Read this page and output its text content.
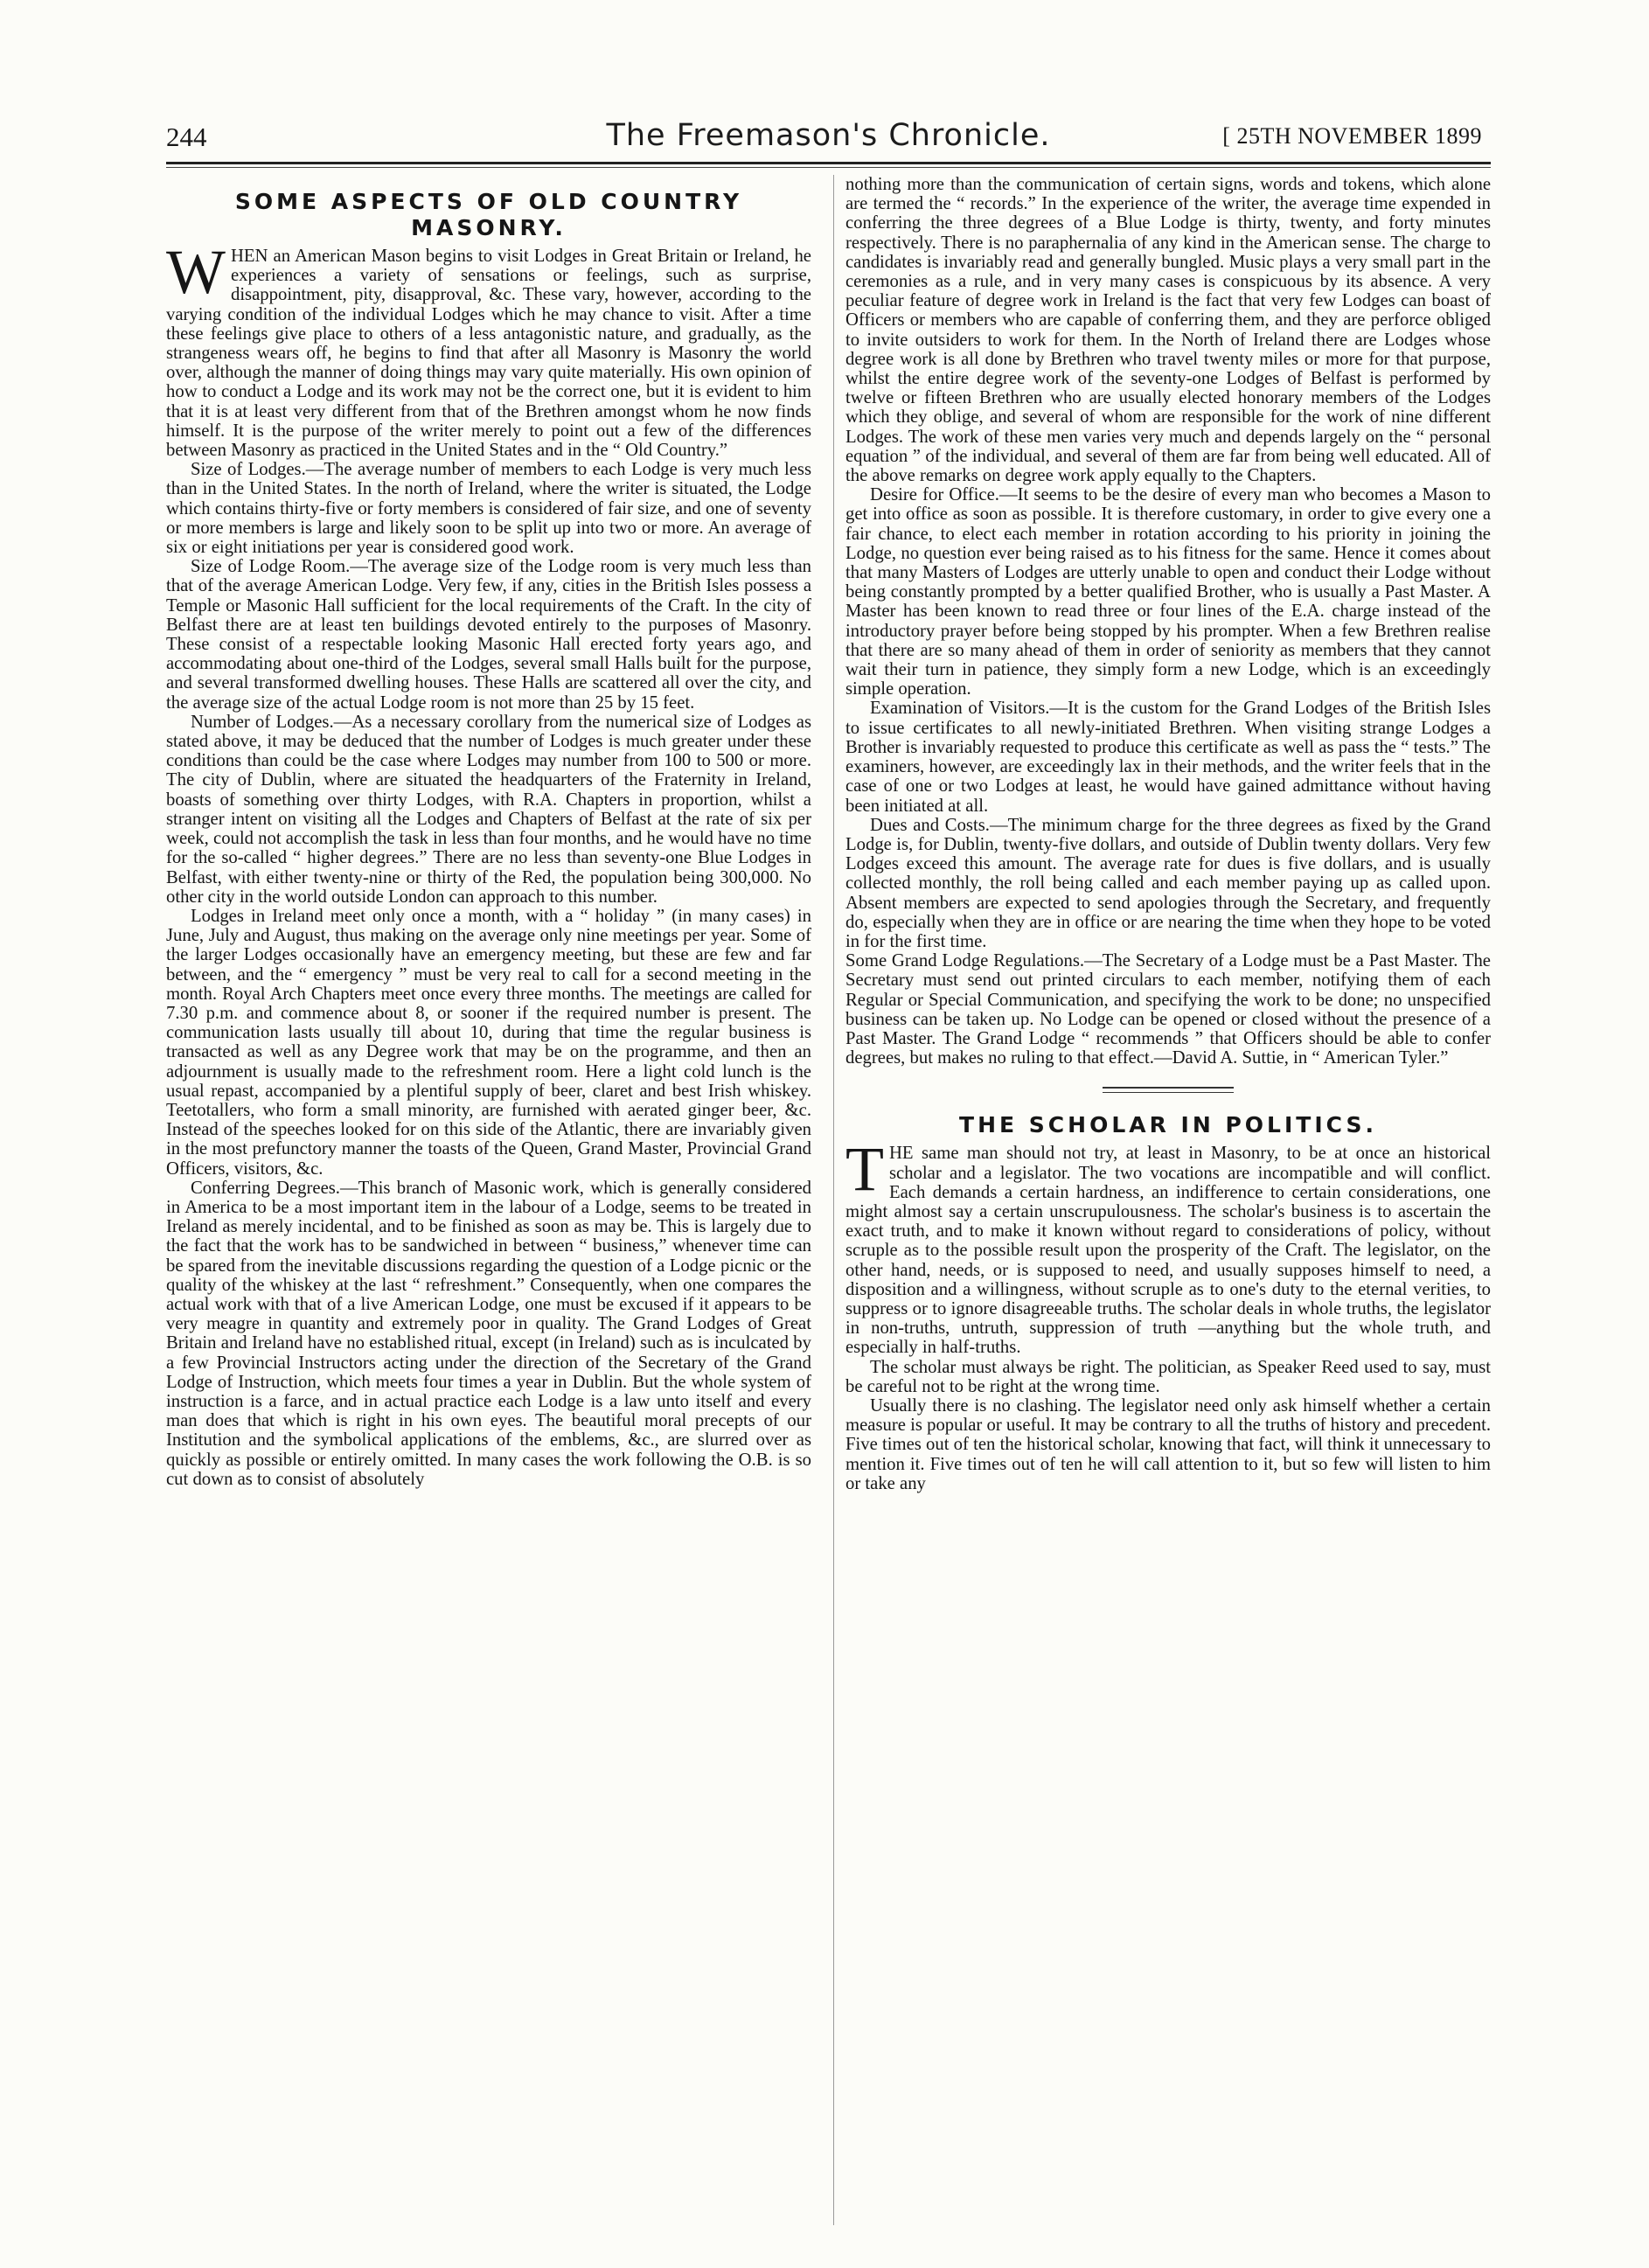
244	The Freemason's Chronicle.	[ 25TH NOVEMBER 1899
SOME ASPECTS OF OLD COUNTRY MASONRY.

WHEN an American Mason begins to visit Lodges in Great Britain or Ireland, he experiences a variety of sensations or feelings, such as surprise, disappointment, pity, disapproval, &c. These vary, however, according to the varying condition of the individual Lodges which he may chance to visit. After a time these feelings give place to others of a less antagonistic nature, and gradually, as the strangeness wears off, he begins to find that after all Masonry is Masonry the world over, although the manner of doing things may vary quite materially. His own opinion of how to conduct a Lodge and its work may not be the correct one, but it is evident to him that it is at least very different from that of the Brethren amongst whom he now finds himself. It is the purpose of the writer merely to point out a few of the differences between Masonry as practiced in the United States and in the “ Old Country.”

Size of Lodges.—The average number of members to each Lodge is very much less than in the United States. In the north of Ireland, where the writer is situated, the Lodge which contains thirty-five or forty members is considered of fair size, and one of seventy or more members is large and likely soon to be split up into two or more. An average of six or eight initiations per year is considered good work.

Size of Lodge Room.—The average size of the Lodge room is very much less than that of the average American Lodge. Very few, if any, cities in the British Isles possess a Temple or Masonic Hall sufficient for the local requirements of the Craft. In the city of Belfast there are at least ten buildings devoted entirely to the purposes of Masonry. These consist of a respectable looking Masonic Hall erected forty years ago, and accommodating about one-third of the Lodges, several small Halls built for the purpose, and several transformed dwelling houses. These Halls are scattered all over the city, and the average size of the actual Lodge room is not more than 25 by 15 feet.

Number of Lodges.—As a necessary corollary from the numerical size of Lodges as stated above, it may be deduced that the number of Lodges is much greater under these conditions than could be the case where Lodges may number from 100 to 500 or more. The city of Dublin, where are situated the headquarters of the Fraternity in Ireland, boasts of something over thirty Lodges, with R.A. Chapters in proportion, whilst a stranger intent on visiting all the Lodges and Chapters of Belfast at the rate of six per week, could not accomplish the task in less than four months, and he would have no time for the so-called “ higher degrees.” There are no less than seventy-one Blue Lodges in Belfast, with either twenty-nine or thirty of the Red, the population being 300,000. No other city in the world outside London can approach to this number.

Lodges in Ireland meet only once a month, with a “ holiday ” (in many cases) in June, July and August, thus making on the average only nine meetings per year. Some of the larger Lodges occasionally have an emergency meeting, but these are few and far between, and the “ emergency ” must be very real to call for a second meeting in the month. Royal Arch Chapters meet once every three months. The meetings are called for 7.30 p.m. and commence about 8, or sooner if the required number is present. The communication lasts usually till about 10, during that time the regular business is transacted as well as any Degree work that may be on the programme, and then an adjournment is usually made to the refreshment room. Here a light cold lunch is the usual repast, accompanied by a plentiful supply of beer, claret and best Irish whiskey. Teetotallers, who form a small minority, are furnished with aerated ginger beer, &c. Instead of the speeches looked for on this side of the Atlantic, there are invariably given in the most prefunctory manner the toasts of the Queen, Grand Master, Provincial Grand Officers, visitors, &c.

Conferring Degrees.—This branch of Masonic work, which is generally considered in America to be a most important item in the labour of a Lodge, seems to be treated in Ireland as merely incidental, and to be finished as soon as may be. This is largely due to the fact that the work has to be sandwiched in between “ business,” whenever time can be spared from the inevitable discussions regarding the question of a Lodge picnic or the quality of the whiskey at the last “ refreshment.” Consequently, when one compares the actual work with that of a live American Lodge, one must be excused if it appears to be very meagre in quantity and extremely poor in quality. The Grand Lodges of Great Britain and Ireland have no established ritual, except (in Ireland) such as is inculcated by a few Provincial Instructors acting under the direction of the Secretary of the Grand Lodge of Instruction, which meets four times a year in Dublin. But the whole system of instruction is a farce, and in actual practice each Lodge is a law unto itself and every man does that which is right in his own eyes. The beautiful moral precepts of our Institution and the symbolical applications of the emblems, &c., are slurred over as quickly as possible or entirely omitted. In many cases the work following the O.B. is so cut down as to consist of absolutely

nothing more than the communication of certain signs, words and tokens, which alone are termed the “ records.” In the experience of the writer, the average time expended in conferring the three degrees of a Blue Lodge is thirty, twenty, and forty minutes respectively. There is no paraphernalia of any kind in the American sense. The charge to candidates is invariably read and generally bungled. Music plays a very small part in the ceremonies as a rule, and in very many cases is conspicuous by its absence. A very peculiar feature of degree work in Ireland is the fact that very few Lodges can boast of Officers or members who are capable of conferring them, and they are perforce obliged to invite outsiders to work for them. In the North of Ireland there are Lodges whose degree work is all done by Brethren who travel twenty miles or more for that purpose, whilst the entire degree work of the seventy-one Lodges of Belfast is performed by twelve or fifteen Brethren who are usually elected honorary members of the Lodges which they oblige, and several of whom are responsible for the work of nine different Lodges. The work of these men varies very much and depends largely on the “ personal equation ” of the individual, and several of them are far from being well educated. All of the above remarks on degree work apply equally to the Chapters.

Desire for Office.—It seems to be the desire of every man who becomes a Mason to get into office as soon as possible. It is therefore customary, in order to give every one a fair chance, to elect each member in rotation according to his priority in joining the Lodge, no question ever being raised as to his fitness for the same. Hence it comes about that many Masters of Lodges are utterly unable to open and conduct their Lodge without being constantly prompted by a better qualified Brother, who is usually a Past Master. A Master has been known to read three or four lines of the E.A. charge instead of the introductory prayer before being stopped by his prompter. When a few Brethren realise that there are so many ahead of them in order of seniority as members that they cannot wait their turn in patience, they simply form a new Lodge, which is an exceedingly simple operation.

Examination of Visitors.—It is the custom for the Grand Lodges of the British Isles to issue certificates to all newly-initiated Brethren. When visiting strange Lodges a Brother is invariably requested to produce this certificate as well as pass the “ tests.” The examiners, however, are exceedingly lax in their methods, and the writer feels that in the case of one or two Lodges at least, he would have gained admittance without having been initiated at all.

Dues and Costs.—The minimum charge for the three degrees as fixed by the Grand Lodge is, for Dublin, twenty-five dollars, and outside of Dublin twenty dollars. Very few Lodges exceed this amount. The average rate for dues is five dollars, and is usually collected monthly, the roll being called and each member paying up as called upon. Absent members are expected to send apologies through the Secretary, and frequently do, especially when they are in office or are nearing the time when they hope to be voted in for the first time.

Some Grand Lodge Regulations.—The Secretary of a Lodge must be a Past Master. The Secretary must send out printed circulars to each member, notifying them of each Regular or Special Communication, and specifying the work to be done; no unspecified business can be taken up. No Lodge can be opened or closed without the presence of a Past Master. The Grand Lodge “ recommends ” that Officers should be able to confer degrees, but makes no ruling to that effect.—David A. Suttie, in “ American Tyler.”

THE SCHOLAR IN POLITICS.

THE same man should not try, at least in Masonry, to be at once an historical scholar and a legislator. The two vocations are incompatible and will conflict. Each demands a certain hardness, an indifference to certain considerations, one might almost say a certain unscrupulousness. The scholar's business is to ascertain the exact truth, and to make it known without regard to considerations of policy, without scruple as to the possible result upon the prosperity of the Craft. The legislator, on the other hand, needs, or is supposed to need, and usually supposes himself to need, a disposition and a willingness, without scruple as to one's duty to the eternal verities, to suppress or to ignore disagreeable truths. The scholar deals in whole truths, the legislator in non-truths, untruth, suppression of truth —anything but the whole truth, and especially in half-truths.

The scholar must always be right. The politician, as Speaker Reed used to say, must be careful not to be right at the wrong time.

Usually there is no clashing. The legislator need only ask himself whether a certain measure is popular or useful. It may be contrary to all the truths of history and precedent. Five times out of ten the historical scholar, knowing that fact, will think it unnecessary to mention it. Five times out of ten he will call attention to it, but so few will listen to him or take any
